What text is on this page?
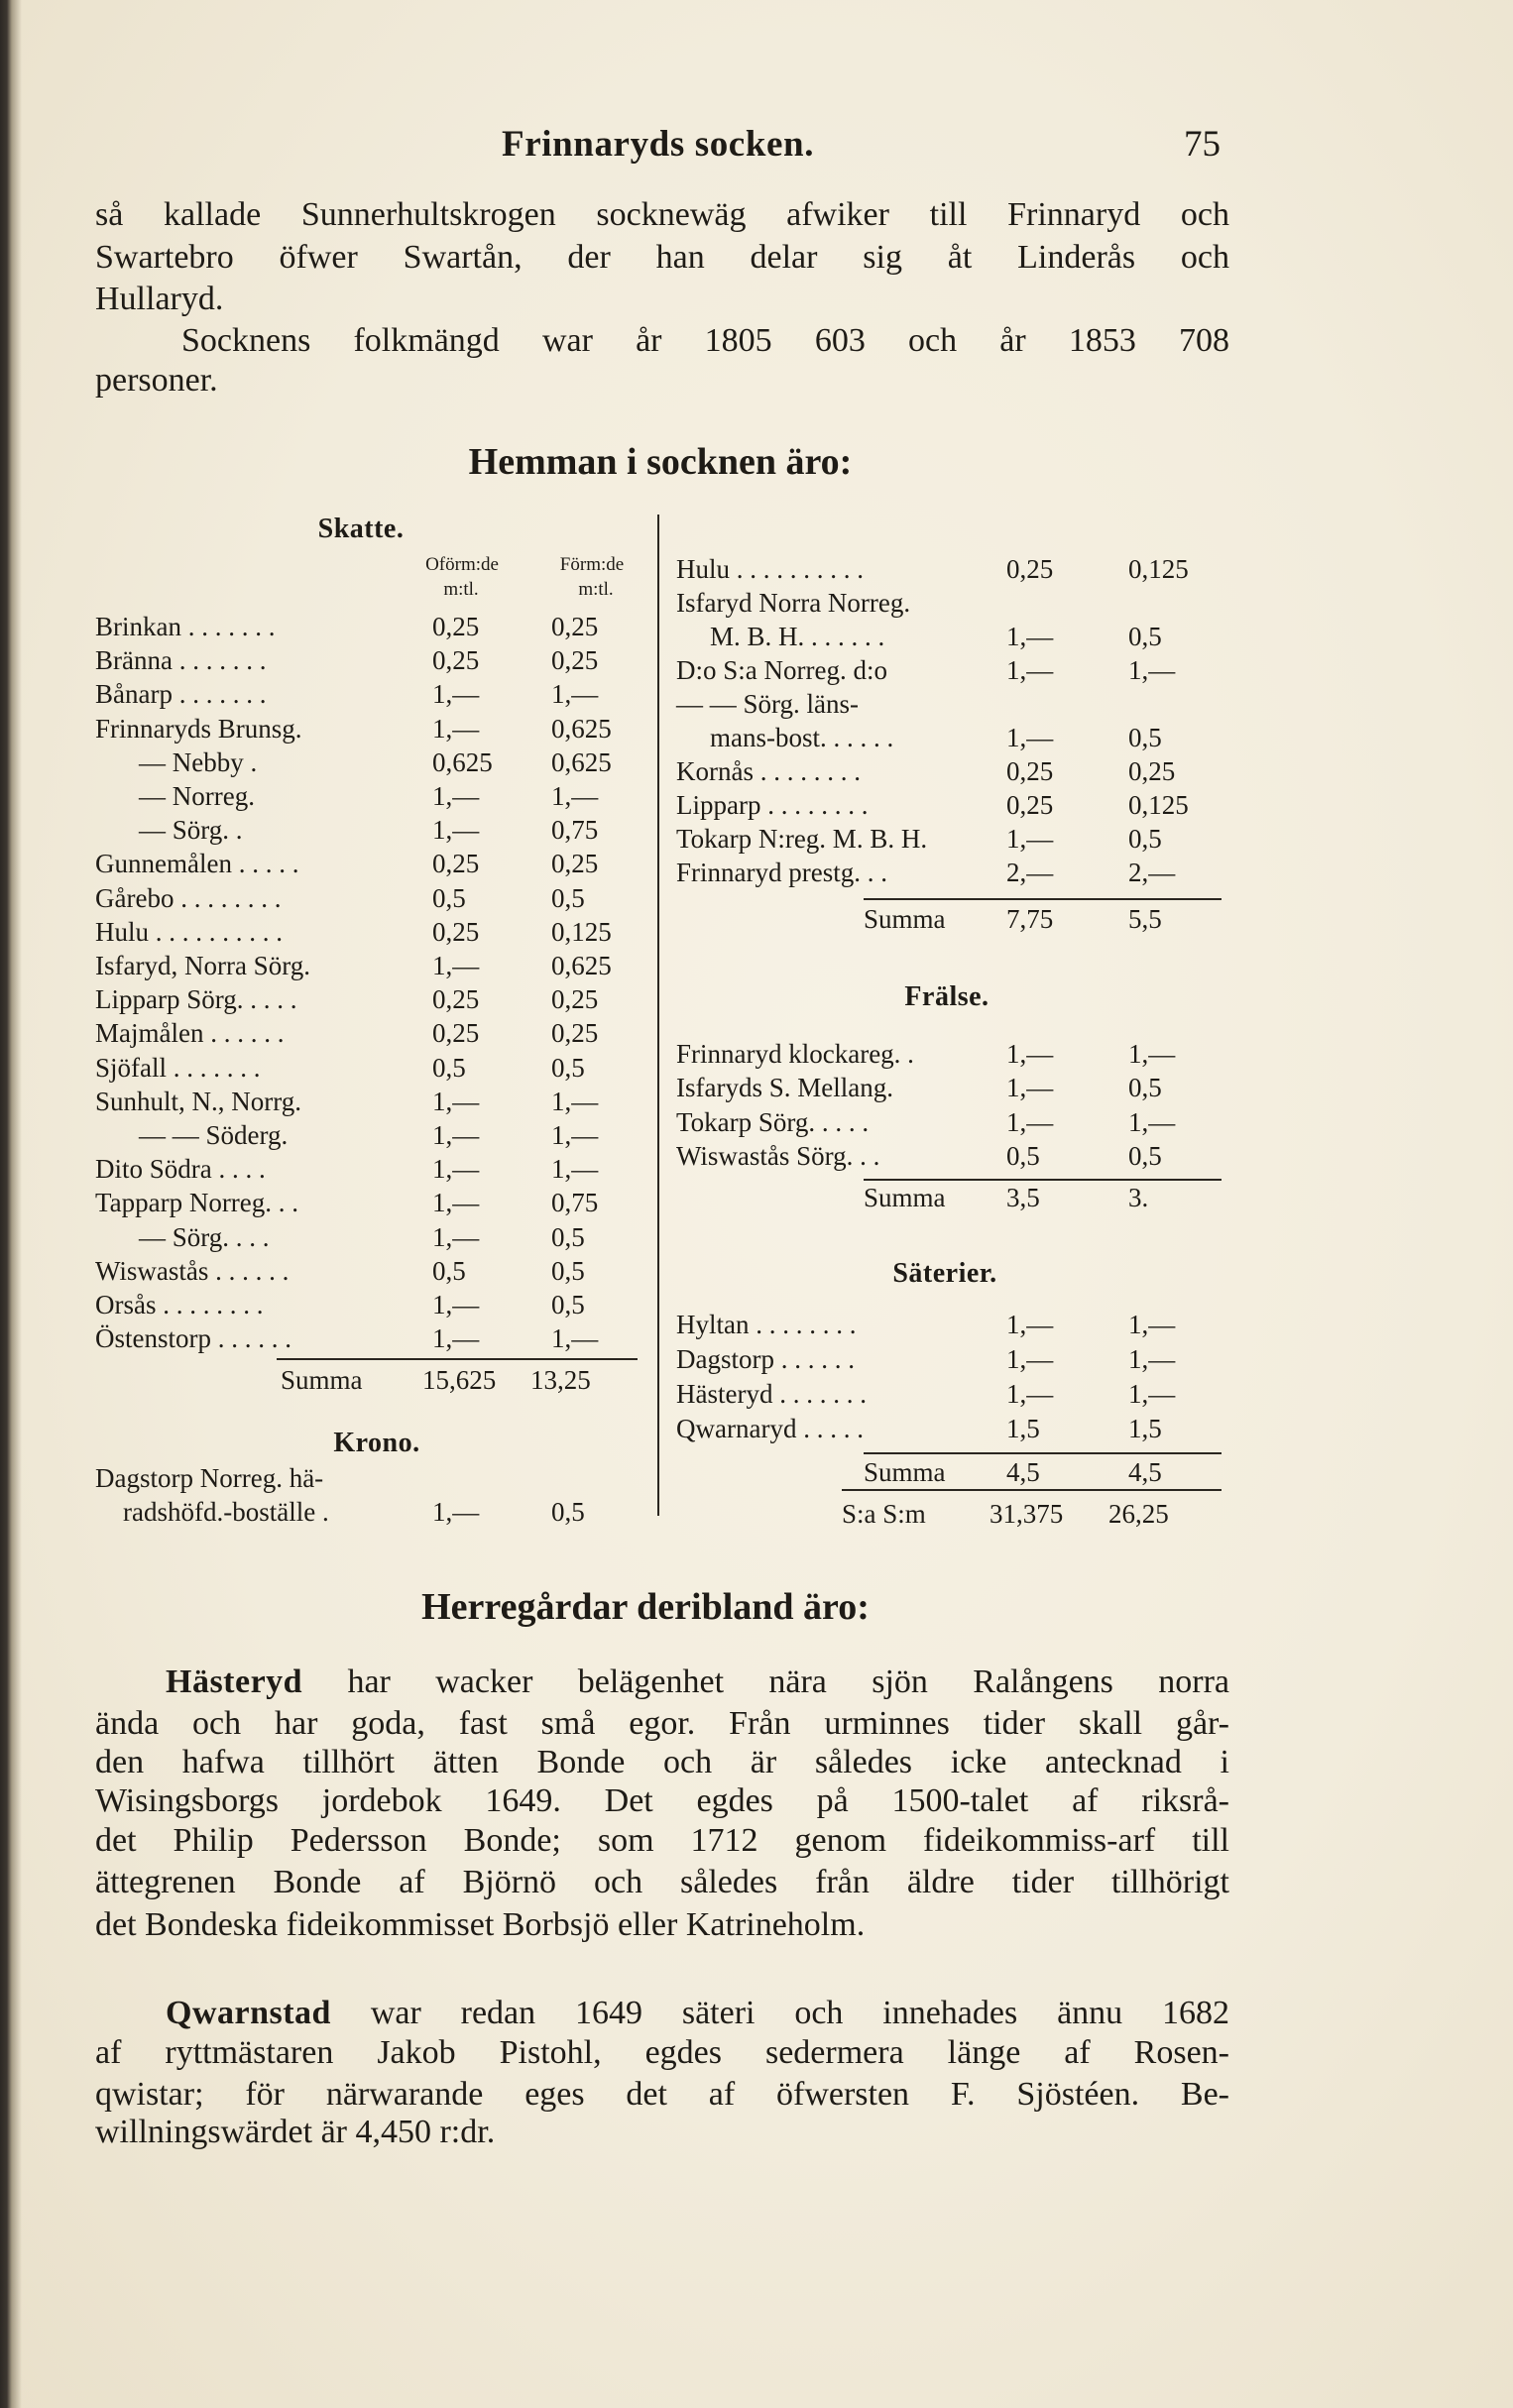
Frinnaryds socken.	75
så kallade Sunnerhultskrogen socknewäg afwiker till Frinnaryd och
Swartebro öfwer Swartån, der han delar sig åt Linderås och
Hullaryd.
Socknens folkmängd war år 1805 603 och år 1853 708
personer.
Hemman i socknen äro:
Skatte.
Oförm:de
m:tl.
Förm:de
m:tl.
Krono.
Frälse.
Säterier.
Herregårdar deribland äro:
Hästeryd har wacker belägenhet nära sjön Ralångens norra
ända och har goda, fast små egor. Från urminnes tider skall går-
den hafwa tillhört ätten Bonde och är således icke antecknad i
Wisingsborgs jordebok 1649. Det egdes på 1500-talet af riksrå-
det Philip Pedersson Bonde; som 1712 genom fideikommiss-arf till
ättegrenen Bonde af Björnö och således från äldre tider tillhörigt
det Bondeska fideikommisset Borbsjö eller Katrineholm.
Qwarnstad war redan 1649 säteri och innehades ännu 1682
af ryttmästaren Jakob Pistohl, egdes sedermera länge af Rosen-
qwistar; för närwarande eges det af öfwersten F. Sjöstéen. Be-
willningswärdet är 4,450 r:dr.
Brinkan . . . . . . .	0,25	0,25
Bränna . . . . . . .	0,25	0,25
Bånarp . . . . . . .	1,—	1,—
Frinnaryds Brunsg.	1,—	0,625
— Nebby .	0,625 0,625
— Norreg.	1,—	1,—
— Sörg. .	1,—	0,75
Gunnemålen . . . . .	0,25	0,25
Gårebo . . . . . . . .	0,5	0,5
Hulu . . . . . . . . . .	0,25	0,125
Isfaryd, Norra Sörg.	1,—	0,625
Lipparp Sörg. . . . .	0,25	0,25
Majmålen . . . . . .	0,25	0,25
Sjöfall . . . . . . .	0,5	0,5
Sunhult, N., Norrg.	1,—	1,—
— — Söderg.	1,—	1,—
Dito Södra . . . .	1,—	1,—
Tapparp Norreg. . .	1,—	0,75
— Sörg. . . .	1,—	0,5
Wiswastås . . . . . .	0,5	0,5
Orsås . . . . . . . .	1,—	0,5
Östenstorp . . . . . .	1,—	1,—
Summa 15,625 13,25
Dagstorp Norreg. hä-
radshöfd.-boställe .	1,—	0,5
Hulu . . . . . . . . . .	0,25	0,125
Isfaryd Norra Norreg.
M. B. H. . . . . . .	1,—	0,5
D:o S:a Norreg. d:o	1,—	1,—
— — Sörg. läns-
mans-bost. . . . . .	1,—	0,5
Kornås . . . . . . . .	0,25	0,25
Lipparp . . . . . . . .	0,25	0,125
Tokarp N:reg. M. B. H.	1,—	0,5
Frinnaryd prestg. . .	2,—	2,—
Summa 7,75	5,5
Frinnaryd klockareg. .	1,—	1,—
Isfaryds S. Mellang.	1,—	0,5
Tokarp Sörg. . . . .	1,—	1,—
Wiswastås Sörg. . .	0,5	0,5
Summa 3,5	3.
Hyltan . . . . . . . .	1,—	1,—
Dagstorp . . . . . .	1,—	1,—
Hästeryd . . . . . . .	1,—	1,—
Qwarnaryd . . . . .	1,5	1,5
Summa 4,5	4,5
S:a S:m 31,375 26,25
